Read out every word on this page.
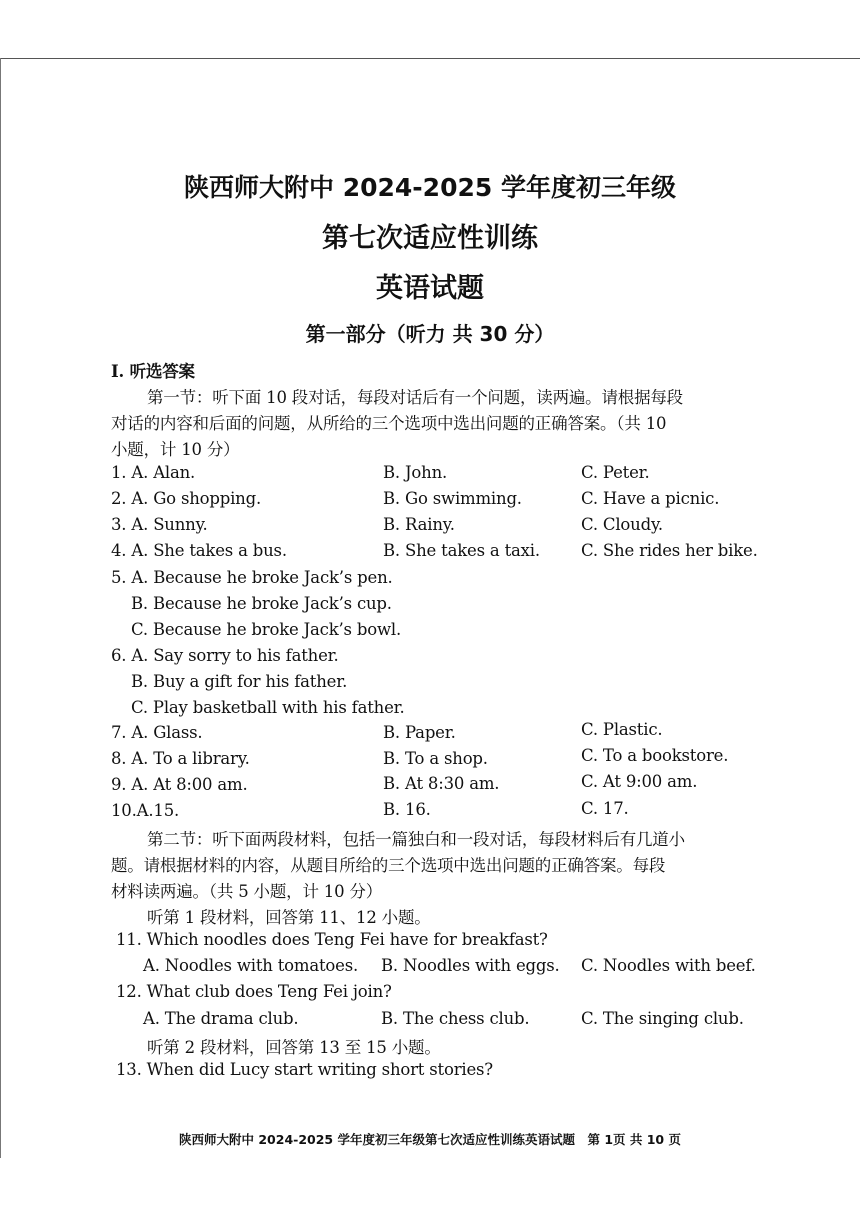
陕西师大附中 2024-2025 学年度初三年级
第七次适应性训练
英语试题
第一部分（听力 共 30 分）
I. 听选答案
第一节：听下面 10 段对话，每段对话后有一个问题，读两遍。请根据每段
对话的内容和后面的问题，从所给的三个选项中选出问题的正确答案。（共 10
小题，计 10 分）
1. A. Alan.	B. John.	C. Peter.
2. A. Go shopping.	B. Go swimming.	C. Have a picnic.
3. A. Sunny.	B. Rainy.	C. Cloudy.
4. A. She takes a bus.	B. She takes a taxi. C. She rides her bike.
5. A. Because he broke Jack’s pen.
B. Because he broke Jack’s cup.
C. Because he broke Jack’s bowl.
6. A. Say sorry to his father.
B. Buy a gift for his father.
C. Play basketball with his father.
7. A. Glass.	B. Paper.	C. Plastic.
8. A. To a library.	B. To a shop.	C. To a bookstore.
9. A. At 8:00 am.	B. At 8:30 am.	C. At 9:00 am.
10.A.15.	B. 16.	C. 17.
第二节：听下面两段材料，包括一篇独白和一段对话，每段材料后有几道小
题。请根据材料的内容，从题目所给的三个选项中选出问题的正确答案。每段
材料读两遍。（共 5 小题，计 10 分）
听第 1 段材料，回答第 11、12 小题。
11. Which noodles does Teng Fei have for breakfast?
A. Noodles with tomatoes. B. Noodles with eggs. C. Noodles with beef.
12. What club does Teng Fei join?
A. The drama club.	B. The chess club.	C. The singing club.
听第 2 段材料，回答第 13 至 15 小题。
13. When did Lucy start writing short stories?
陕西师大附中 2024-2025 学年度初三年级第七次适应性训练英语试题　第 1页 共 10 页
